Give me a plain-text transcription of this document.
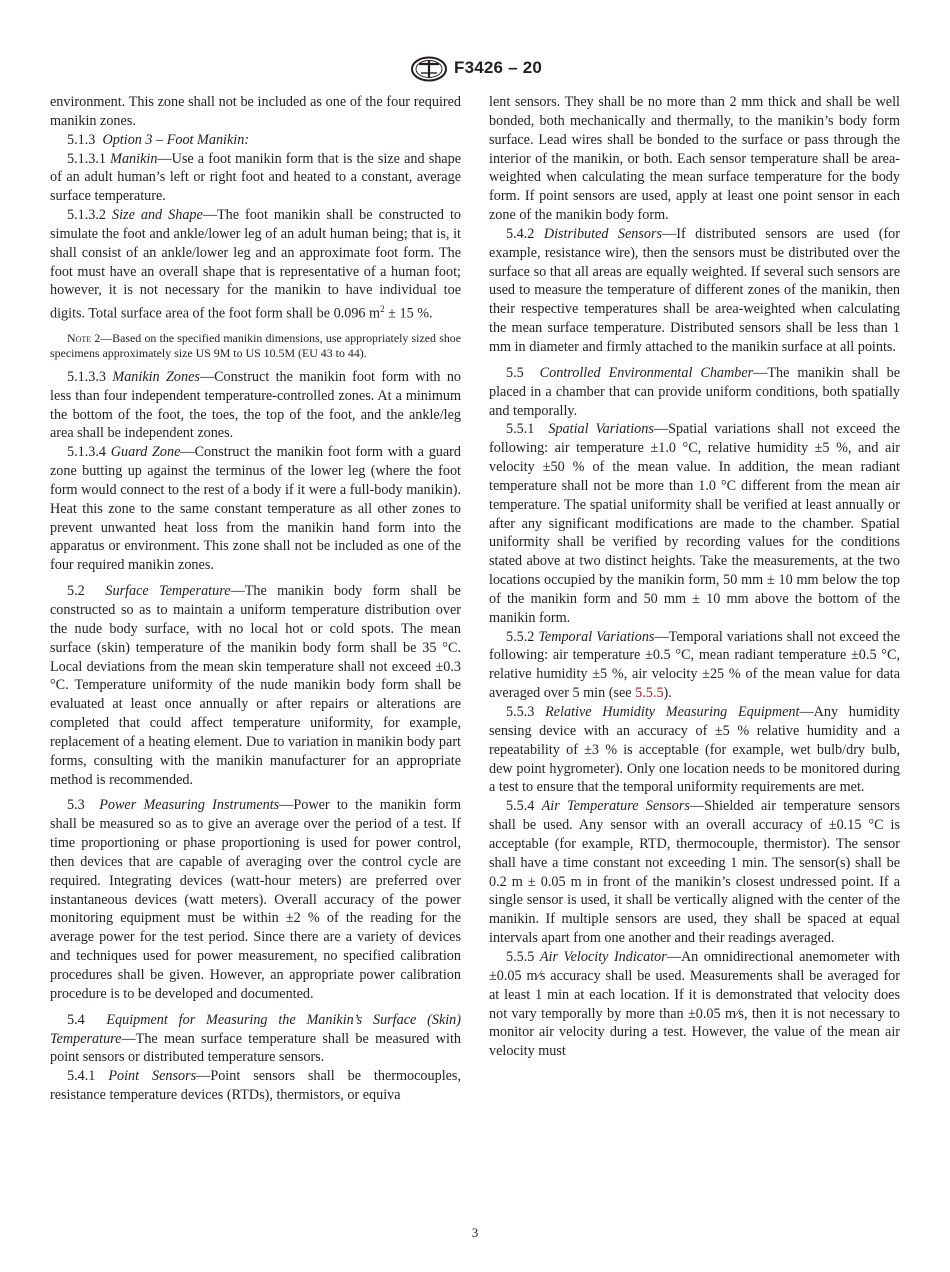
F3426 – 20

environment. This zone shall not be included as one of the four required manikin zones.

5.1.3 Option 3 – Foot Manikin:

5.1.3.1 Manikin—Use a foot manikin form that is the size and shape of an adult human’s left or right foot and heated to a constant, average surface temperature.

5.1.3.2 Size and Shape—The foot manikin shall be constructed to simulate the foot and ankle/lower leg of an adult human being; that is, it shall consist of an ankle/lower leg and an approximate foot form. The foot must have an overall shape that is representative of a human foot; however, it is not necessary for the manikin to have individual toe digits. Total surface area of the foot form shall be 0.096 $m^2 \pm 15$ %.

Note 2—Based on the specified manikin dimensions, use appropriately sized shoe specimens approximately size US 9M to US 10.5M (EU 43 to 44).

5.1.3.3 Manikin Zones—Construct the manikin foot form with no less than four independent temperature-controlled zones. At a minimum the bottom of the foot, the toes, the top of the foot, and the ankle/leg area shall be independent zones.

5.1.3.4 Guard Zone—Construct the manikin foot form with a guard zone butting up against the terminus of the lower leg (where the foot form would connect to the rest of a body if it were a full-body manikin). Heat this zone to the same constant temperature as all other zones to prevent unwanted heat loss from the manikin hand form into the apparatus or environment. This zone shall not be included as one of the four required manikin zones.

5.2 Surface Temperature—The manikin body form shall be constructed so as to maintain a uniform temperature distribution over the nude body surface, with no local hot or cold spots. The mean surface (skin) temperature of the manikin body form shall be 35 °C. Local deviations from the mean skin temperature shall not exceed ±0.3 °C. Temperature uniformity of the nude manikin body form shall be evaluated at least once annually or after repairs or alterations are completed that could affect temperature uniformity, for example, replacement of a heating element. Due to variation in manikin body part forms, consulting with the manikin manufacturer for an appropriate method is recommended.

5.3 Power Measuring Instruments—Power to the manikin form shall be measured so as to give an average over the period of a test. If time proportioning or phase proportioning is used for power control, then devices that are capable of averaging over the control cycle are required. Integrating devices (watt-hour meters) are preferred over instantaneous devices (watt meters). Overall accuracy of the power monitoring equipment must be within ±2 % of the reading for the average power for the test period. Since there are a variety of devices and techniques used for power measurement, no specified calibration procedures shall be given. However, an appropriate power calibration procedure is to be developed and documented.

5.4 Equipment for Measuring the Manikin’s Surface (Skin) Temperature—The mean surface temperature shall be measured with point sensors or distributed temperature sensors.

5.4.1 Point Sensors—Point sensors shall be thermocouples, resistance temperature devices (RTDs), thermistors, or equiva

lent sensors. They shall be no more than 2 mm thick and shall be well bonded, both mechanically and thermally, to the manikin’s body form surface. Lead wires shall be bonded to the surface or pass through the interior of the manikin, or both. Each sensor temperature shall be area-weighted when calculating the mean surface temperature for the body form. If point sensors are used, apply at least one point sensor in each zone of the manikin body form.

5.4.2 Distributed Sensors—If distributed sensors are used (for example, resistance wire), then the sensors must be distributed over the surface so that all areas are equally weighted. If several such sensors are used to measure the temperature of different zones of the manikin, then their respective temperatures shall be area-weighted when calculating the mean surface temperature. Distributed sensors shall be less than 1 mm in diameter and firmly attached to the manikin surface at all points.

5.5 Controlled Environmental Chamber—The manikin shall be placed in a chamber that can provide uniform conditions, both spatially and temporally.

5.5.1 Spatial Variations—Spatial variations shall not exceed the following: air temperature ±1.0 °C, relative humidity ±5 %, and air velocity ±50 % of the mean value. In addition, the mean radiant temperature shall not be more than 1.0 °C different from the mean air temperature. The spatial uniformity shall be verified at least annually or after any significant modifications are made to the chamber. Spatial uniformity shall be verified by recording values for the conditions stated above at two distinct heights. Take the measurements, at the two locations occupied by the manikin form, 50 mm ± 10 mm below the top of the manikin form and 50 mm ± 10 mm above the bottom of the manikin form.

5.5.2 Temporal Variations—Temporal variations shall not exceed the following: air temperature ±0.5 °C, mean radiant temperature ±0.5 °C, relative humidity ±5 %, air velocity ±25 % of the mean value for data averaged over 5 min (see 5.5.5).

5.5.3 Relative Humidity Measuring Equipment—Any humidity sensing device with an accuracy of ±5 % relative humidity and a repeatability of ±3 % is acceptable (for example, wet bulb/dry bulb, dew point hygrometer). Only one location needs to be monitored during a test to ensure that the temporal uniformity requirements are met.

5.5.4 Air Temperature Sensors—Shielded air temperature sensors shall be used. Any sensor with an overall accuracy of ±0.15 °C is acceptable (for example, RTD, thermocouple, thermistor). The sensor shall have a time constant not exceeding 1 min. The sensor(s) shall be 0.2 m ± 0.05 m in front of the manikin’s closest undressed point. If a single sensor is used, it shall be vertically aligned with the center of the manikin. If multiple sensors are used, they shall be spaced at equal intervals apart from one another and their readings averaged.

5.5.5 Air Velocity Indicator—An omnidirectional anemometer with ±0.05 m⁄s accuracy shall be used. Measurements shall be averaged for at least 1 min at each location. If it is demonstrated that velocity does not vary temporally by more than ±0.05 m⁄s, then it is not necessary to monitor air velocity during a test. However, the value of the mean air velocity must

3
